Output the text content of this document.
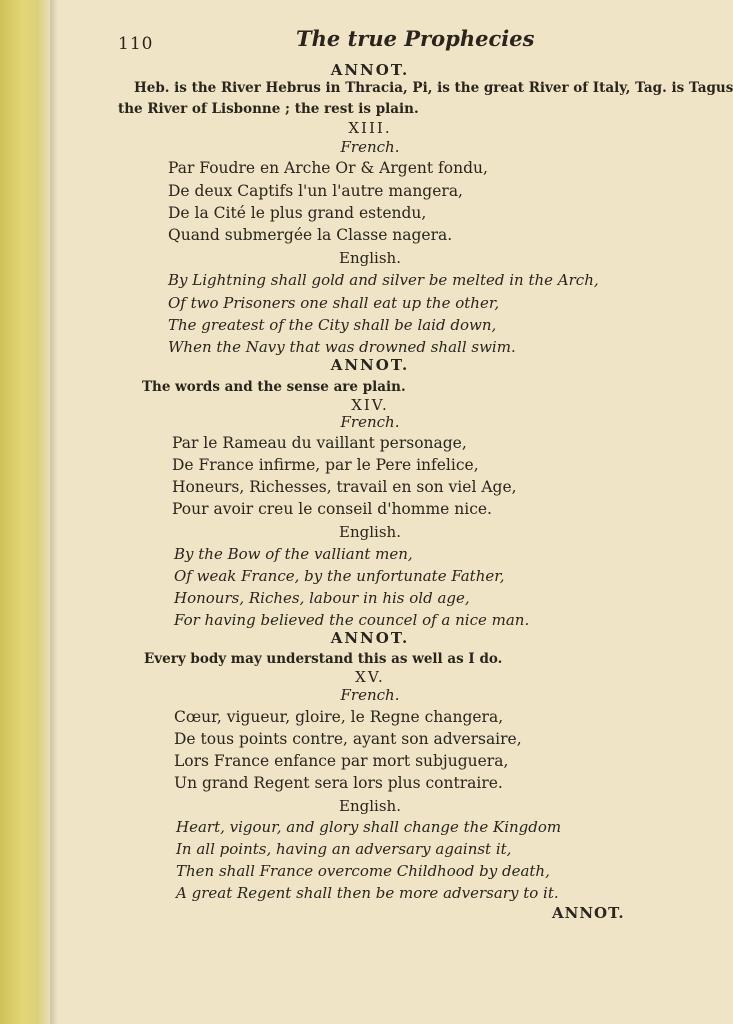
110	The true Prophecies
ANNOT.
Heb. is the River Hebrus in Thracia, Pi, is the great River of Italy, Tag. is Tagus
the River of Lisbonne ; the rest is plain.
XIII.
French.
Par Foudre en Arche Or & Argent fondu,
De deux Captifs l'un l'autre mangera,
De la Cité le plus grand estendu,
Quand submergée la Classe nagera.
English.
By Lightning shall gold and silver be melted in the Arch,
Of two Prisoners one shall eat up the other,
The greatest of the City shall be laid down,
When the Navy that was drowned shall swim.
ANNOT.
The words and the sense are plain.
XIV.
French.
Par le Rameau du vaillant personage,
De France infirme, par le Pere infelice,
Honeurs, Richesses, travail en son viel Age,
Pour avoir creu le conseil d'homme nice.
English.
By the Bow of the valliant men,
Of weak France, by the unfortunate Father,
Honours, Riches, labour in his old age,
For having believed the councel of a nice man.
ANNOT.
Every body may understand this as well as I do.
XV.
French.
Cœur, vigueur, gloire, le Regne changera,
De tous points contre, ayant son adversaire,
Lors France enfance par mort subjuguera,
Un grand Regent sera lors plus contraire.
English.
Heart, vigour, and glory shall change the Kingdom
In all points, having an adversary against it,
Then shall France overcome Childhood by death,
A great Regent shall then be more adversary to it.
ANNOT.
